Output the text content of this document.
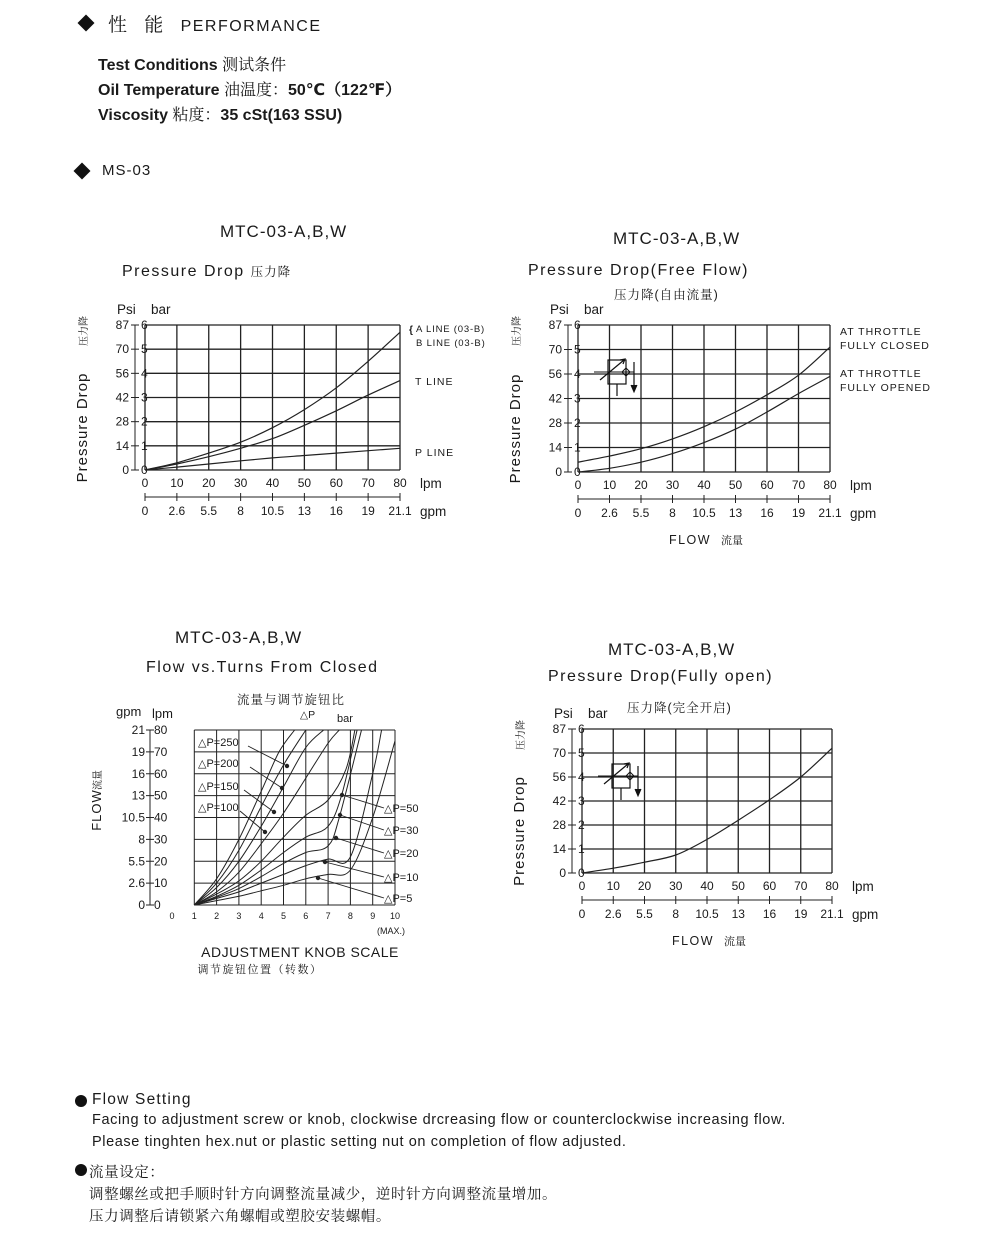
性 能 PERFORMANCE
Test Conditions 测试条件
Oil Temperature 油温度：50℃（122℉）
Viscosity 粘度：35 cSt(163 SSU)
MS-03
MTC-03-A,B,W
Pressure Drop 压力降
MTC-03-A,B,W
Pressure Drop(Free Flow)
压力降(自由流量)
MTC-03-A,B,W
Flow vs.Turns From Closed
流量与调节旋钮比
MTC-03-A,B,W
Pressure Drop(Fully open)
压力降(完全开启)
0
0
1
14
2
28
3
42
4
56
5
70
6
87
Psi bar
Pressure Drop
压力降
0 10 20 30 40 50 60 70 80 lpm
0 2.6 5.5 8 10.5 13 16 19 21.1 gpm
{ A LINE (03-B)
B LINE (03-B)
T LINE
P LINE
0
0
1
14
2
28
3
42
4
56
5
70
6
87
Psi bar
Pressure Drop
压力降
0 10 20 30 40 50 60 70 80 lpm
0 2.6 5.5 8 10.5 13 16 19 21.1 gpm
FLOW 流量
AT THROTTLE
FULLY CLOSED
AT THROTTLE
FULLY OPENED
0
0
1
14
2
28
3
42
4
56
5
70
6
87
Psi bar
Pressure Drop
压力降
0 10 20 30 40 50 60 70 80 lpm
0 2.6 5.5 8 10.5 13 16 19 21.1 gpm
FLOW 流量
0
0
10
2.6
20
5.5
30
8
40
10.5
50
13
60
16
70
19
80
21
gpm lpm
FLOW
流量
0 1 2 3 4 5 6 7 8 9 10
(MAX.)
ADJUSTMENT KNOB SCALE
调节旋钮位置（转数）
△P bar
△P=250
△P=200
△P=150
△P=100	△P=50
△P=30
△P=20
△P=10
△P=5
Flow Setting
Facing to adjustment screw or knob, clockwise drcreasing flow or counterclockwise increasing flow.
Please tinghten hex.nut or plastic setting nut on completion of flow adjusted.
流量设定：
调整螺丝或把手顺时针方向调整流量减少，逆时针方向调整流量增加。
压力调整后请锁紧六角螺帽或塑胶安装螺帽。
